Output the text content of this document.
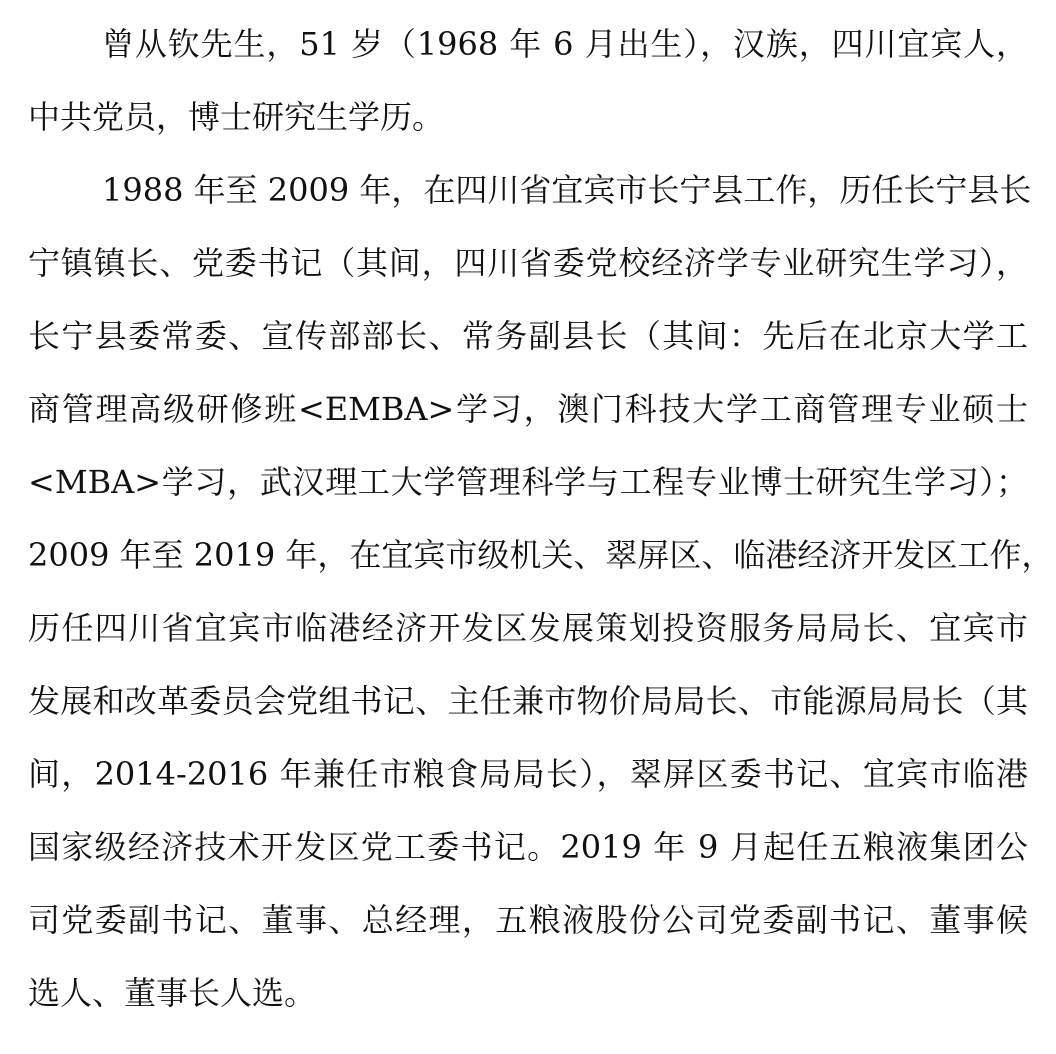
曾从钦先生，51 岁（1968 年 6 月出生），汉族，四川宜宾人，
中共党员，博士研究生学历。
1988 年至 2009 年，在四川省宜宾市长宁县工作，历任长宁县长
宁镇镇长、党委书记（其间，四川省委党校经济学专业研究生学习），
长宁县委常委、宣传部部长、常务副县长（其间：先后在北京大学工
商管理高级研修班<EMBA>学习，澳门科技大学工商管理专业硕士
<MBA>学习，武汉理工大学管理科学与工程专业博士研究生学习）；
2009 年至 2019 年，在宜宾市级机关、翠屏区、临港经济开发区工作，
历任四川省宜宾市临港经济开发区发展策划投资服务局局长、宜宾市
发展和改革委员会党组书记、主任兼市物价局局长、市能源局局长（其
间，2014-2016 年兼任市粮食局局长），翠屏区委书记、宜宾市临港
国家级经济技术开发区党工委书记。2019 年 9 月起任五粮液集团公
司党委副书记、董事、总经理，五粮液股份公司党委副书记、董事候
选人、董事长人选。
